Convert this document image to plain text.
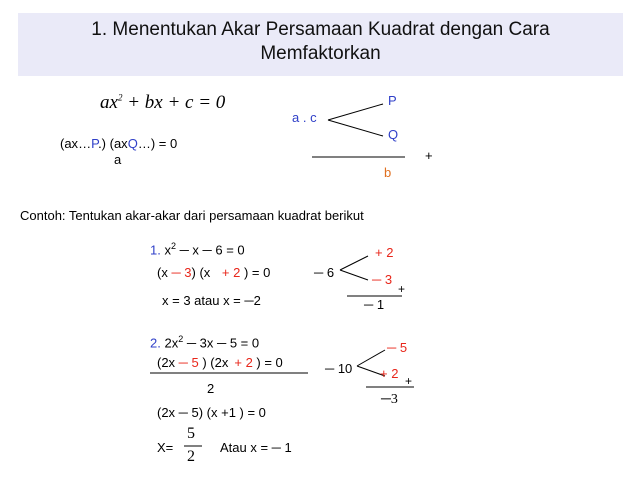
1. Menentukan Akar Persamaan Kuadrat dengan Cara
Memfaktorkan
$ax^2$ + bx + c = 0
(ax…P.) (axQ…) = 0
a
a . c
P
Q
+
b
Contoh: Tentukan akar-akar dari persamaan kuadrat berikut
1. $x^2$ ─ x ─ 6 = 0
(x ─ 3) (x + 2 ) = 0
x = 3 atau x = ─2
─ 6
+ 2
─ 3
+
─ 1
2. $2x^2$ ─ 3x ─ 5 = 0
(2x ─ 5 ) (2x + 2 ) = 0
2
(2x ─ 5) (x +1 ) = 0
X=
5
2
Atau x = ─ 1
─ 10
─ 5
+ 2 +
─3
